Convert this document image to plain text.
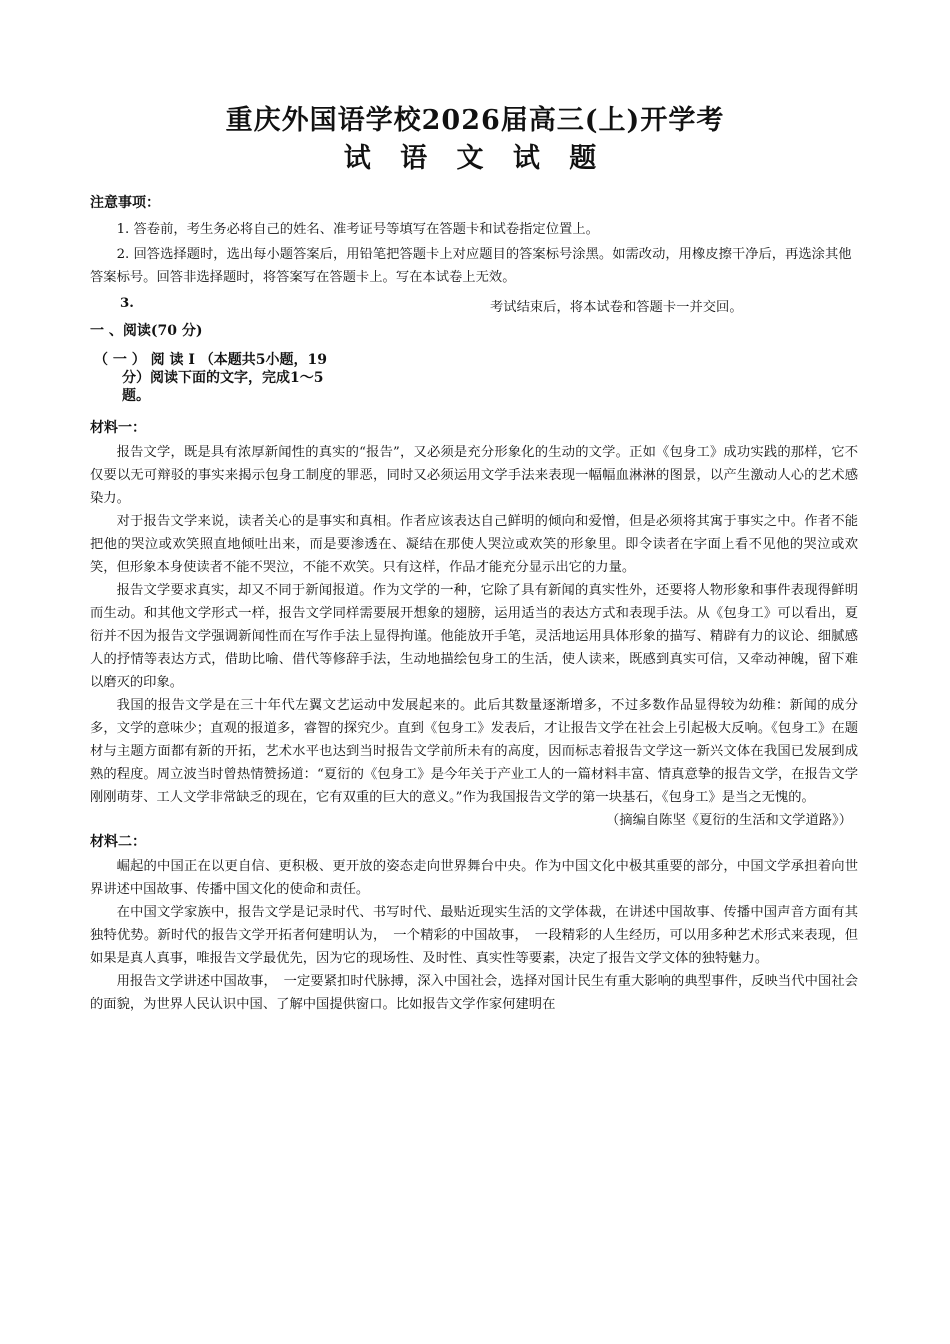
重庆外国语学校2026届高三(上)开学考
试 语 文 试 题
注意事项：

1. 答卷前，考生务必将自己的姓名、准考证号等填写在答题卡和试卷指定位置上。

2. 回答选择题时，选出每小题答案后，用铅笔把答题卡上对应题目的答案标号涂黑。如需改动，用橡皮擦干净后，再选涂其他答案标号。回答非选择题时，将答案写在答题卡上。写在本试卷上无效。

3.	考试结束后，将本试卷和答题卡一并交回。
一 、阅读(70 分)
（ 一 ） 阅 读 Ⅰ （本题共5小题，19
分）阅读下面的文字，完成1～5
题。
材料一：

报告文学，既是具有浓厚新闻性的真实的“报告”，又必须是充分形象化的生动的文学。正如《包身工》成功实践的那样，它不仅要以无可辩驳的事实来揭示包身工制度的罪恶，同时又必须运用文学手法来表现一幅幅血淋淋的图景，以产生激动人心的艺术感染力。

对于报告文学来说，读者关心的是事实和真相。作者应该表达自己鲜明的倾向和爱憎，但是必须将其寓于事实之中。作者不能把他的哭泣或欢笑照直地倾吐出来，而是要渗透在、凝结在那使人哭泣或欢笑的形象里。即令读者在字面上看不见他的哭泣或欢笑，但形象本身使读者不能不哭泣，不能不欢笑。只有这样，作品才能充分显示出它的力量。

报告文学要求真实，却又不同于新闻报道。作为文学的一种，它除了具有新闻的真实性外，还要将人物形象和事件表现得鲜明而生动。和其他文学形式一样，报告文学同样需要展开想象的翅膀，运用适当的表达方式和表现手法。从《包身工》可以看出，夏衍并不因为报告文学强调新闻性而在写作手法上显得拘谨。他能放开手笔，灵活地运用具体形象的描写、精辟有力的议论、细腻感人的抒情等表达方式，借助比喻、借代等修辞手法，生动地描绘包身工的生活，使人读来，既感到真实可信，又牵动神魄，留下难以磨灭的印象。

我国的报告文学是在三十年代左翼文艺运动中发展起来的。此后其数量逐渐增多，不过多数作品显得较为幼稚：新闻的成分多，文学的意味少；直观的报道多，睿智的探究少。直到《包身工》发表后，才让报告文学在社会上引起极大反响。《包身工》在题材与主题方面都有新的开拓，艺术水平也达到当时报告文学前所未有的高度，因而标志着报告文学这一新兴文体在我国已发展到成熟的程度。周立波当时曾热情赞扬道：“夏衍的《包身工》是今年关于产业工人的一篇材料丰富、情真意挚的报告文学，在报告文学刚刚萌芽、工人文学非常缺乏的现在，它有双重的巨大的意义。”作为我国报告文学的第一块基石，《包身工》是当之无愧的。

（摘编自陈坚《夏衍的生活和文学道路》）

材料二：

崛起的中国正在以更自信、更积极、更开放的姿态走向世界舞台中央。作为中国文化中极其重要的部分，中国文学承担着向世界讲述中国故事、传播中国文化的使命和责任。

在中国文学家族中，报告文学是记录时代、书写时代、最贴近现实生活的文学体裁，在讲述中国故事、传播中国声音方面有其独特优势。新时代的报告文学开拓者何建明认为，　一个精彩的中国故事，　一段精彩的人生经历，可以用多种艺术形式来表现，但如果是真人真事，唯报告文学最优先，因为它的现场性、及时性、真实性等要素，决定了报告文学文体的独特魅力。

用报告文学讲述中国故事，　一定要紧扣时代脉搏，深入中国社会，选择对国计民生有重大影响的典型事件，反映当代中国社会的面貌，为世界人民认识中国、了解中国提供窗口。比如报告文学作家何建明在
